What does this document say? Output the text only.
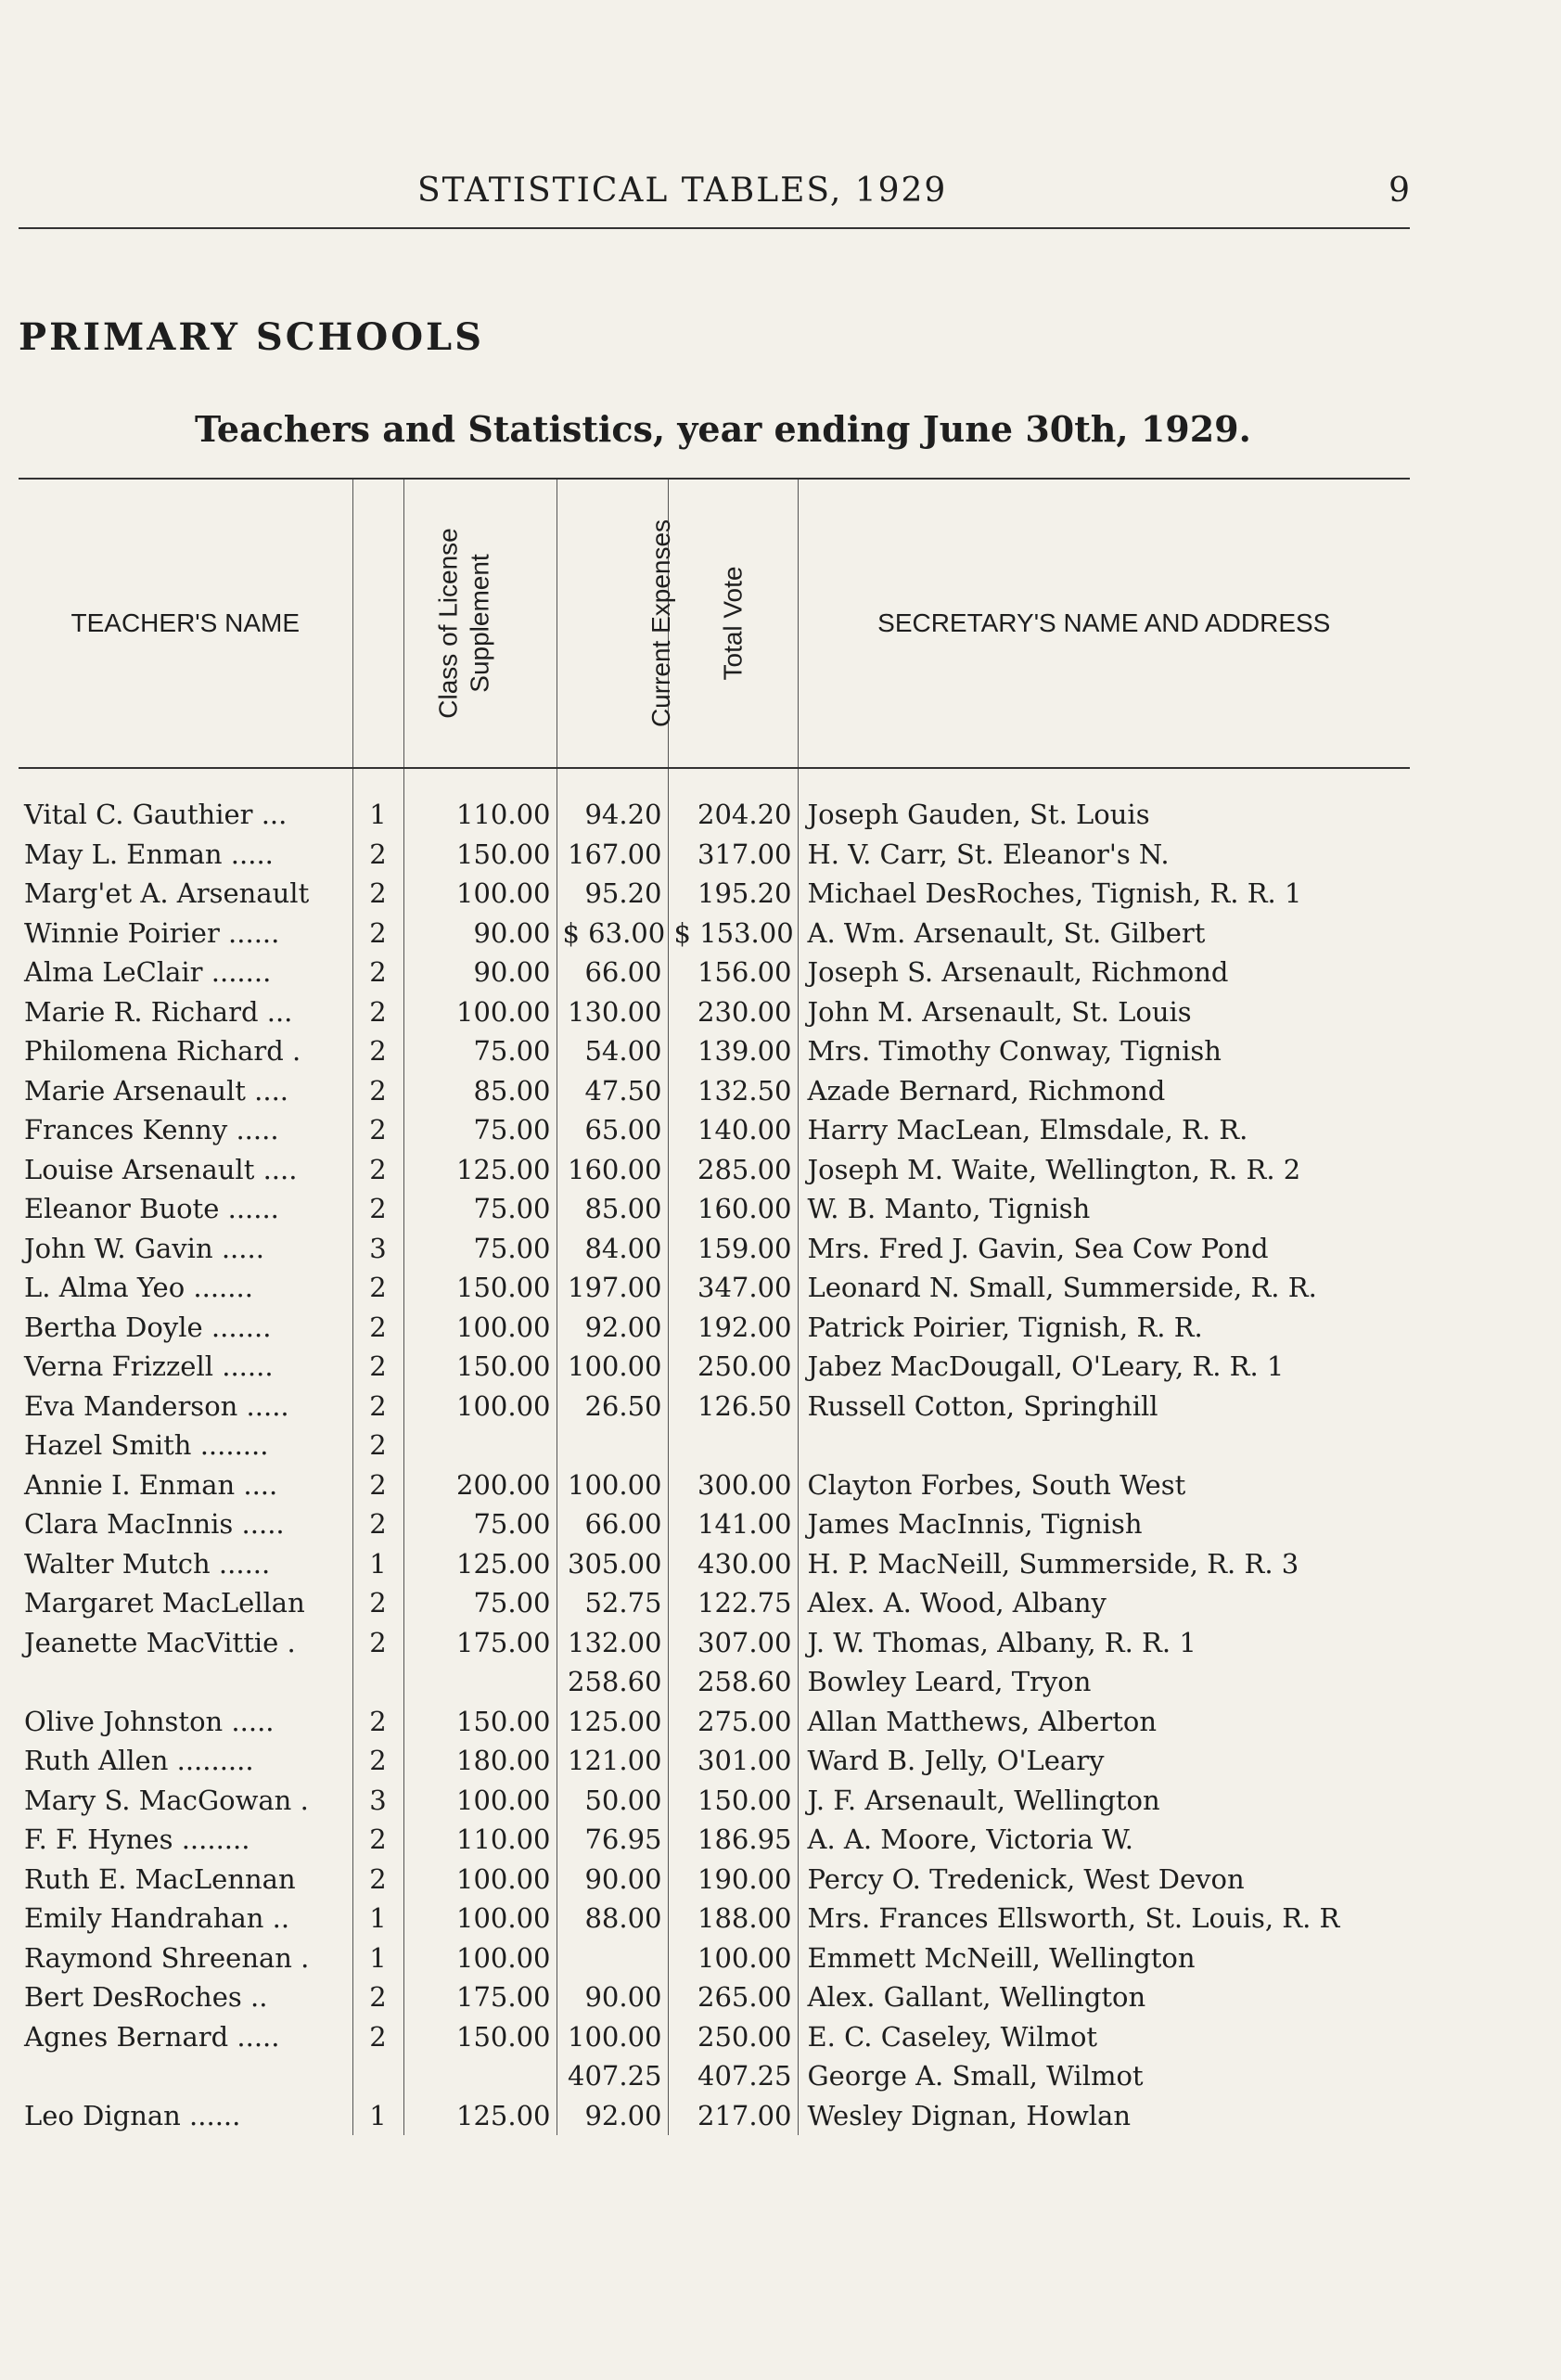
STATISTICAL TABLES, 1929	9
PRIMARY SCHOOLS
Teachers and Statistics, year ending June 30th, 1929.
TEACHER'S NAME	Class of License	Supplement	Current Expenses	Total Vote	SECRETARY'S NAME AND ADDRESS
Vital C. Gauthier ...	1	110.00	94.20	204.20	Joseph Gauden, St. Louis
May L. Enman .....	2	150.00	167.00	317.00	H. V. Carr, St. Eleanor's N.
Marg'et A. Arsenault	2	100.00	95.20	195.20	Michael DesRoches, Tignish, R. R. 1
Winnie Poirier ......	2	90.00	$ 63.00	$ 153.00	A. Wm. Arsenault, St. Gilbert
Alma LeClair .......	2	90.00	66.00	156.00	Joseph S. Arsenault, Richmond
Marie R. Richard ...	2	100.00	130.00	230.00	John M. Arsenault, St. Louis
Philomena Richard .	2	75.00	54.00	139.00	Mrs. Timothy Conway, Tignish
Marie Arsenault ....	2	85.00	47.50	132.50	Azade Bernard, Richmond
Frances Kenny .....	2	75.00	65.00	140.00	Harry MacLean, Elmsdale, R. R.
Louise Arsenault ....	2	125.00	160.00	285.00	Joseph M. Waite, Wellington, R. R. 2
Eleanor Buote ......	2	75.00	85.00	160.00	W. B. Manto, Tignish
John W. Gavin .....	3	75.00	84.00	159.00	Mrs. Fred J. Gavin, Sea Cow Pond
L. Alma Yeo .......	2	150.00	197.00	347.00	Leonard N. Small, Summerside, R. R.
Bertha Doyle .......	2	100.00	92.00	192.00	Patrick Poirier, Tignish, R. R.
Verna Frizzell ......	2	150.00	100.00	250.00	Jabez MacDougall, O'Leary, R. R. 1
Eva Manderson .....	2	100.00	26.50	126.50	Russell Cotton, Springhill
Hazel Smith ........	2				
Annie I. Enman ....	2	200.00	100.00	300.00	Clayton Forbes, South West
Clara MacInnis .....	2	75.00	66.00	141.00	James MacInnis, Tignish
Walter Mutch ......	1	125.00	305.00	430.00	H. P. MacNeill, Summerside, R. R. 3
Margaret MacLellan	2	75.00	52.75	122.75	Alex. A. Wood, Albany
Jeanette MacVittie .	2	175.00	132.00	307.00	J. W. Thomas, Albany, R. R. 1
			258.60	258.60	Bowley Leard, Tryon
Olive Johnston .....	2	150.00	125.00	275.00	Allan Matthews, Alberton
Ruth Allen .........	2	180.00	121.00	301.00	Ward B. Jelly, O'Leary
Mary S. MacGowan .	3	100.00	50.00	150.00	J. F. Arsenault, Wellington
F. F. Hynes ........	2	110.00	76.95	186.95	A. A. Moore, Victoria W.
Ruth E. MacLennan	2	100.00	90.00	190.00	Percy O. Tredenick, West Devon
Emily Handrahan ..	1	100.00	88.00	188.00	Mrs. Frances Ellsworth, St. Louis, R. R
Raymond Shreenan .	1	100.00		100.00	Emmett McNeill, Wellington
Bert DesRoches ..	2	175.00	90.00	265.00	Alex. Gallant, Wellington
Agnes Bernard .....	2	150.00	100.00	250.00	E. C. Caseley, Wilmot
			407.25	407.25	George A. Small, Wilmot
Leo Dignan ......	1	125.00	92.00	217.00	Wesley Dignan, Howlan
